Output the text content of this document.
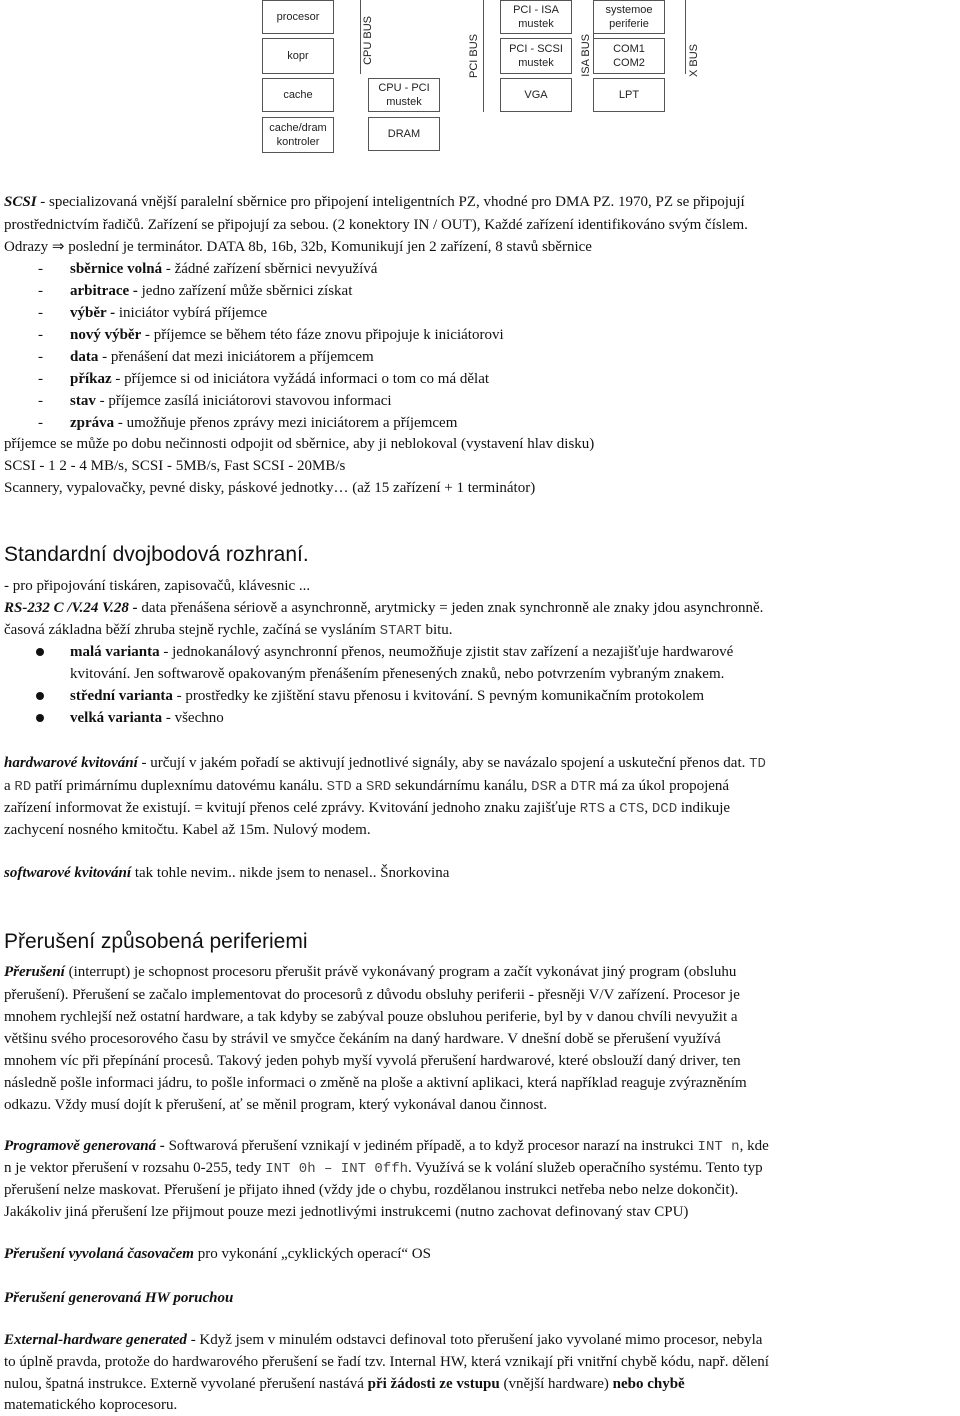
procesor
kopr
cache
cache/dram
kontroler
CPU BUS
CPU - PCI
mustek
DRAM
PCI BUS
PCI - ISA
mustek
PCI - SCSI
mustek
VGA
ISA BUS
systemoe
periferie
COM1
COM2
LPT
X BUS
SCSI - specializovaná vnější paralelní sběrnice pro připojení inteligentních PZ, vhodné pro DMA PZ. 1970, PZ se připojují
prostřednictvím řadičů. Zařízení se připojují za sebou. (2 konektory IN / OUT), Každé zařízení identifikováno svým číslem.
Odrazy ⇒ poslední je terminátor. DATA 8b, 16b, 32b, Komunikují jen 2 zařízení, 8 stavů sběrnice
- sběrnice volná - žádné zařízení sběrnici nevyužívá
- arbitrace - jedno zařízení může sběrnici získat
- výběr - iniciátor vybírá příjemce
- nový výběr - příjemce se během této fáze znovu připojuje k iniciátorovi
- data - přenášení dat mezi iniciátorem a příjemcem
- příkaz - příjemce si od iniciátora vyžádá informaci o tom co má dělat
- stav - příjemce zasílá iniciátorovi stavovou informaci
- zpráva - umožňuje přenos zprávy mezi iniciátorem a příjemcem
příjemce se může po dobu nečinnosti odpojit od sběrnice, aby ji neblokoval (vystavení hlav disku)
SCSI - 1 2 - 4 MB/s, SCSI - 5MB/s, Fast SCSI - 20MB/s
Scannery, vypalovačky, pevné disky, páskové jednotky… (až 15 zařízení + 1 terminátor)
Standardní dvojbodová rozhraní.
- pro připojování tiskáren, zapisovačů, klávesnic ...
RS-232 C /V.24 V.28 - data přenášena sériově a asynchronně, arytmicky = jeden znak synchronně ale znaky jdou asynchronně.
časová základna běží zhruba stejně rychle, začíná se vysláním START bitu.
malá varianta - jednokanálový asynchronní přenos, neumožňuje zjistit stav zařízení a nezajišťuje hardwarové
kvitování. Jen softwarově opakovaným přenášením přenesených znaků, nebo potvrzením vybraným znakem.
střední varianta - prostředky ke zjištění stavu přenosu i kvitování. S pevným komunikačním protokolem
velká varianta - všechno
hardwarové kvitování - určují v jakém pořadí se aktivují jednotlivé signály, aby se navázalo spojení a uskuteční přenos dat. TD
a RD patří primárnímu duplexnímu datovému kanálu. STD a SRD sekundárnímu kanálu, DSR a DTR má za úkol propojená
zařízení informovat že existují. = kvitují přenos celé zprávy. Kvitování jednoho znaku zajišťuje RTS a CTS, DCD indikuje
zachycení nosného kmitočtu. Kabel až 15m. Nulový modem.
softwarové kvitování tak tohle nevim.. nikde jsem to nenasel.. Šnorkovina
Přerušení způsobená periferiemi
Přerušení (interrupt) je schopnost procesoru přerušit právě vykonávaný program a začít vykonávat jiný program (obsluhu
přerušení). Přerušení se začalo implementovat do procesorů z důvodu obsluhy periferii - přesněji V/V zařízení. Procesor je
mnohem rychlejší než ostatní hardware, a tak kdyby se zabýval pouze obsluhou periferie, byl by v danou chvíli nevyužit a
většinu svého procesorového času by strávil ve smyčce čekáním na daný hardware. V dnešní době se přerušení využívá
mnohem víc při přepínání procesů. Takový jeden pohyb myší vyvolá přerušení hardwarové, které obslouží daný driver, ten
následně pošle informaci jádru, to pošle informaci o změně na ploše a aktivní aplikaci, která například reaguje zvýrazněním
odkazu. Vždy musí dojít k přerušení, ať se měnil program, který vykonával danou činnost.
Programově generovaná - Softwarová přerušení vznikají v jediném případě, a to když procesor narazí na instrukci INT n, kde
n je vektor přerušení v rozsahu 0-255, tedy INT 0h – INT 0ffh. Využívá se k volání služeb operačního systému. Tento typ
přerušení nelze maskovat. Přerušení je přijato ihned (vždy jde o chybu, rozdělanou instrukci netřeba nebo nelze dokončit).
Jakákoliv jiná přerušení lze přijmout pouze mezi jednotlivými instrukcemi (nutno zachovat definovaný stav CPU)
Přerušení vyvolaná časovačem pro vykonání „cyklických operací“ OS
Přerušení generovaná HW poruchou
External-hardware generated - Když jsem v minulém odstavci definoval toto přerušení jako vyvolané mimo procesor, nebyla
to úplně pravda, protože do hardwarového přerušení se řadí tzv. Internal HW, která vznikají při vnitřní chybě kódu, např. dělení
nulou, špatná instrukce. Externě vyvolané přerušení nastává při žádosti ze vstupu (vnější hardware) nebo chybě
matematického koprocesoru.
